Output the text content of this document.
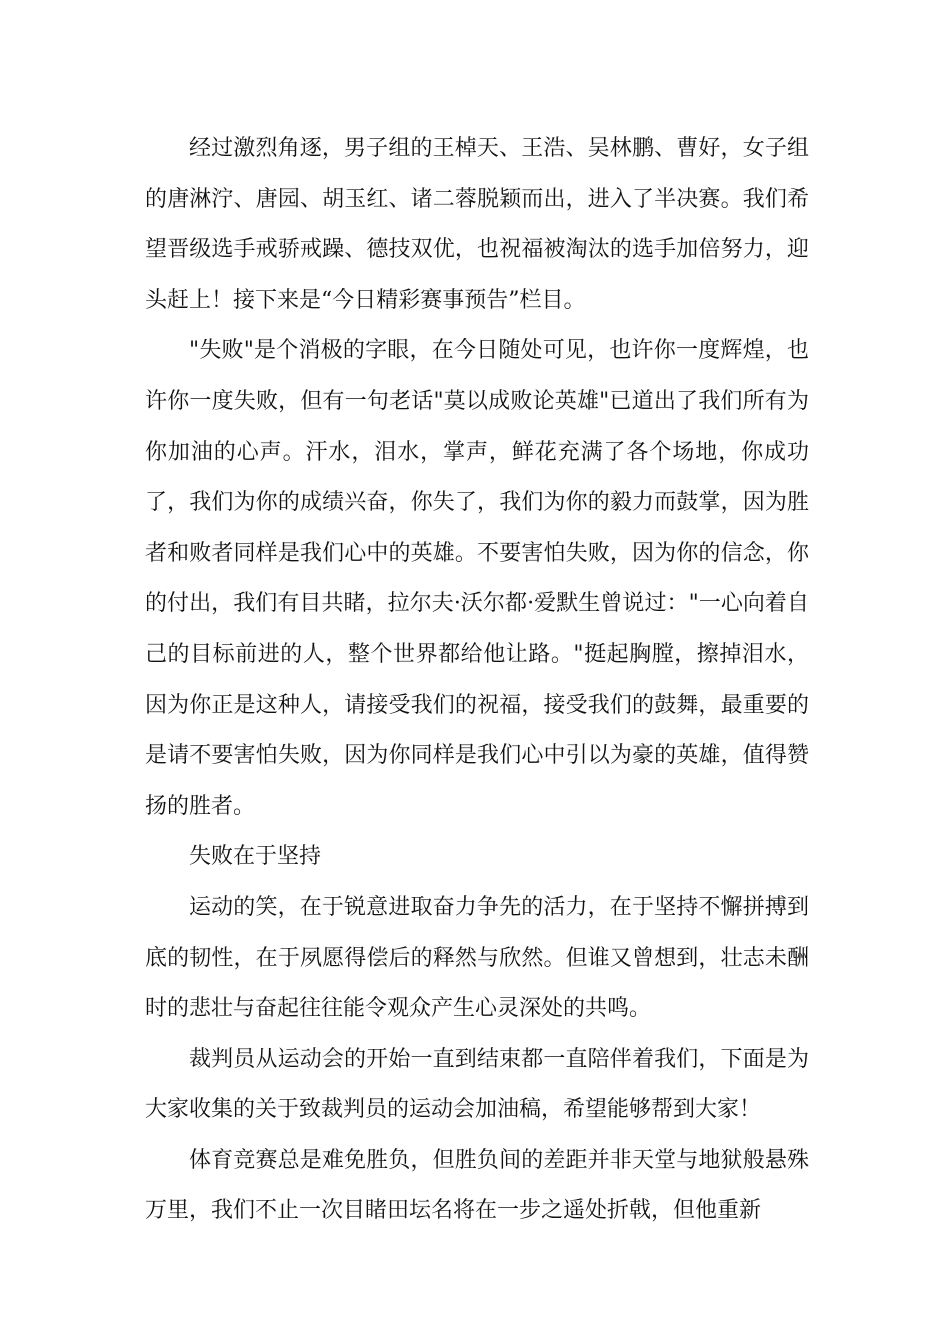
经过激烈角逐，男子组的王棹天、王浩、吴林鹏、曹好，女子组的唐淋泞、唐园、胡玉红、诸二蓉脱颖而出，进入了半决赛。我们希望晋级选手戒骄戒躁、德技双优，也祝福被淘汰的选手加倍努力，迎头赶上！接下来是“今日精彩赛事预告”栏目。

"失败"是个消极的字眼，在今日随处可见，也许你一度辉煌，也许你一度失败，但有一句老话"莫以成败论英雄"已道出了我们所有为你加油的心声。汗水，泪水，掌声，鲜花充满了各个场地，你成功了，我们为你的成绩兴奋，你失了，我们为你的毅力而鼓掌，因为胜者和败者同样是我们心中的英雄。不要害怕失败，因为你的信念，你的付出，我们有目共睹，拉尔夫·沃尔都·爱默生曾说过："一心向着自己的目标前进的人，整个世界都给他让路。"挺起胸膛，擦掉泪水，因为你正是这种人，请接受我们的祝福，接受我们的鼓舞，最重要的是请不要害怕失败，因为你同样是我们心中引以为豪的英雄，值得赞扬的胜者。

失败在于坚持

运动的笑，在于锐意进取奋力争先的活力，在于坚持不懈拼搏到底的韧性，在于夙愿得偿后的释然与欣然。但谁又曾想到，壮志未酬时的悲壮与奋起往往能令观众产生心灵深处的共鸣。

裁判员从运动会的开始一直到结束都一直陪伴着我们，下面是为大家收集的关于致裁判员的运动会加油稿，希望能够帮到大家！

体育竞赛总是难免胜负，但胜负间的差距并非天堂与地狱般悬殊万里，我们不止一次目睹田坛名将在一步之遥处折戟，但他重新
